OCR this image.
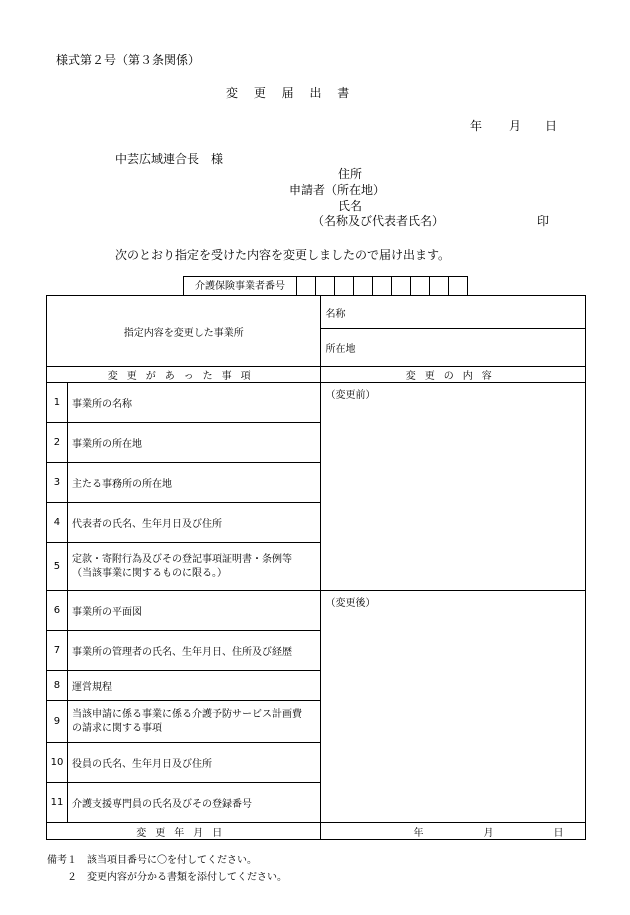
様式第２号（第３条関係）
変 更 届 出 書
年 月 日
中芸広域連合長　様
住所
申請者（所在地）
氏名
（名称及び代表者氏名）	印
次のとおり指定を受けた内容を変更しましたので届け出ます。
介護保険事業者番号
指定内容を変更した事業所		名称
		所在地
変更があった事項		変更の内容
1	事業所の名称	（変更前）
2	事業所の所在地	
3	主たる事務所の所在地	
4	代表者の氏名、生年月日及び住所	
5	定款・寄附行為及びその登記事項証明書・条例等
（当該事業に関するものに限る。）	

6	事業所の平面図	（変更後）
7	事業所の管理者の氏名、生年月日、住所及び経歴	
8	運営規程	
9	当該申請に係る事業に係る介護予防サービス計画費
の請求に関する事項	

10	役員の氏名、生年月日及び住所	
11	介護支援専門員の氏名及びその登録番号	
変更年月日		年 月 日
備考１　該当項目番号に〇を付してください。
　　２　変更内容が分かる書類を添付してください。
